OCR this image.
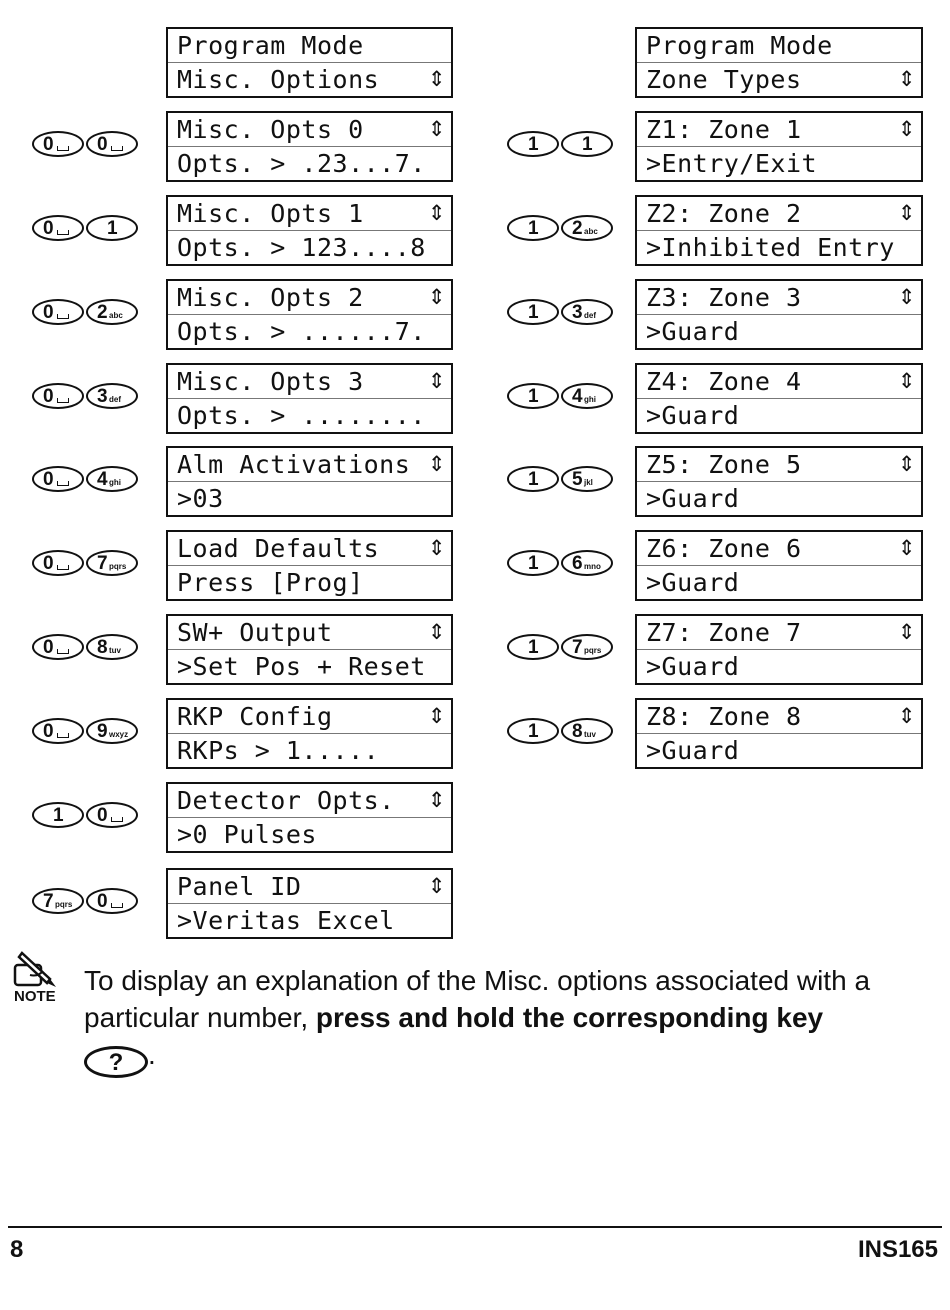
Program Mode
Misc. Options ⇕
0 0
Misc. Opts 0	⇕
Opts. > .23...7.
0	1
Misc. Opts 1	⇕
Opts. > 123....8
0 2 abc
Misc. Opts 2	⇕
Opts. > ......7.
0 3 def
Misc. Opts 3	⇕
Opts. > ........
0 4 ghi
Alm Activations ⇕
>03
0 7 pqrs
Load Defaults ⇕
Press [Prog]
0 8 tuv
SW+ Output	⇕
>Set Pos + Reset
0 9 wxyz
RKP Config	⇕
RKPs > 1.....
1 0
Detector Opts. ⇕
>0 Pulses
7 pqrs 0
Panel ID	⇕
>Veritas Excel
Program Mode
Zone Types	⇕
1 1
Z1: Zone 1	⇕
>Entry/Exit
1 2 abc
Z2: Zone 2	⇕
>Inhibited Entry
1 3 def
Z3: Zone 3	⇕
>Guard
1 4 ghi
Z4: Zone 4	⇕
>Guard
1 5 jkl
Z5: Zone 5	⇕
>Guard
1 6 mno
Z6: Zone 6	⇕
>Guard
1 7 pqrs
Z7: Zone 7	⇕
>Guard
1 8 tuv
Z8: Zone 8	⇕
>Guard
NOTE
To display an explanation of the Misc. options associated with a particular number, press and hold the corresponding key
? .
8	INS165
